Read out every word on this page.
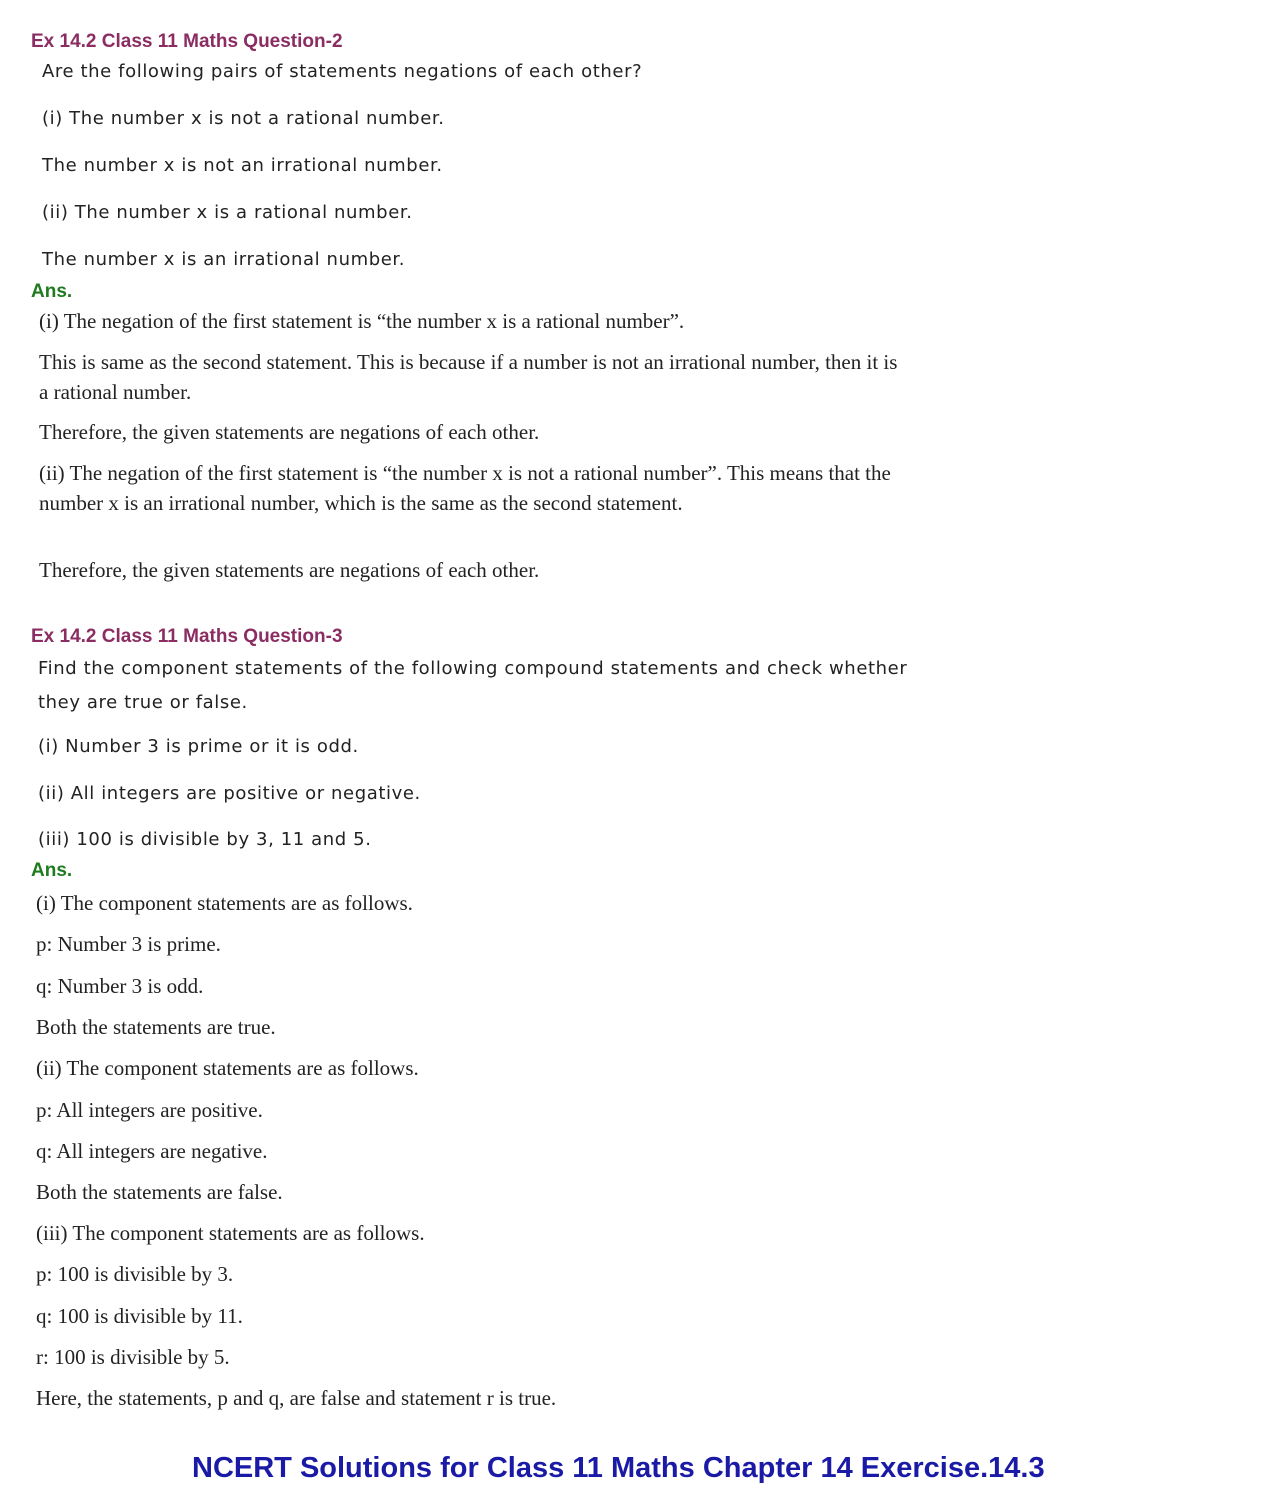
Ex 14.2 Class 11 Maths Question-2
Are the following pairs of statements negations of each other?
(i) The number x is not a rational number.
The number x is not an irrational number.
(ii) The number x is a rational number.
The number x is an irrational number.
Ans.
(i) The negation of the first statement is “the number x is a rational number”.
This is same as the second statement. This is because if a number is not an irrational number, then it is a rational number.
Therefore, the given statements are negations of each other.
(ii) The negation of the first statement is “the number x is not a rational number”. This means that the number x is an irrational number, which is the same as the second statement.
Therefore, the given statements are negations of each other.
Ex 14.2 Class 11 Maths Question-3
Find the component statements of the following compound statements and check whether they are true or false.
(i) Number 3 is prime or it is odd.
(ii) All integers are positive or negative.
(iii) 100 is divisible by 3, 11 and 5.
Ans.
(i) The component statements are as follows.
p: Number 3 is prime.
q: Number 3 is odd.
Both the statements are true.
(ii) The component statements are as follows.
p: All integers are positive.
q: All integers are negative.
Both the statements are false.
(iii) The component statements are as follows.
p: 100 is divisible by 3.
q: 100 is divisible by 11.
r: 100 is divisible by 5.
Here, the statements, p and q, are false and statement r is true.
NCERT Solutions for Class 11 Maths Chapter 14 Exercise.14.3
